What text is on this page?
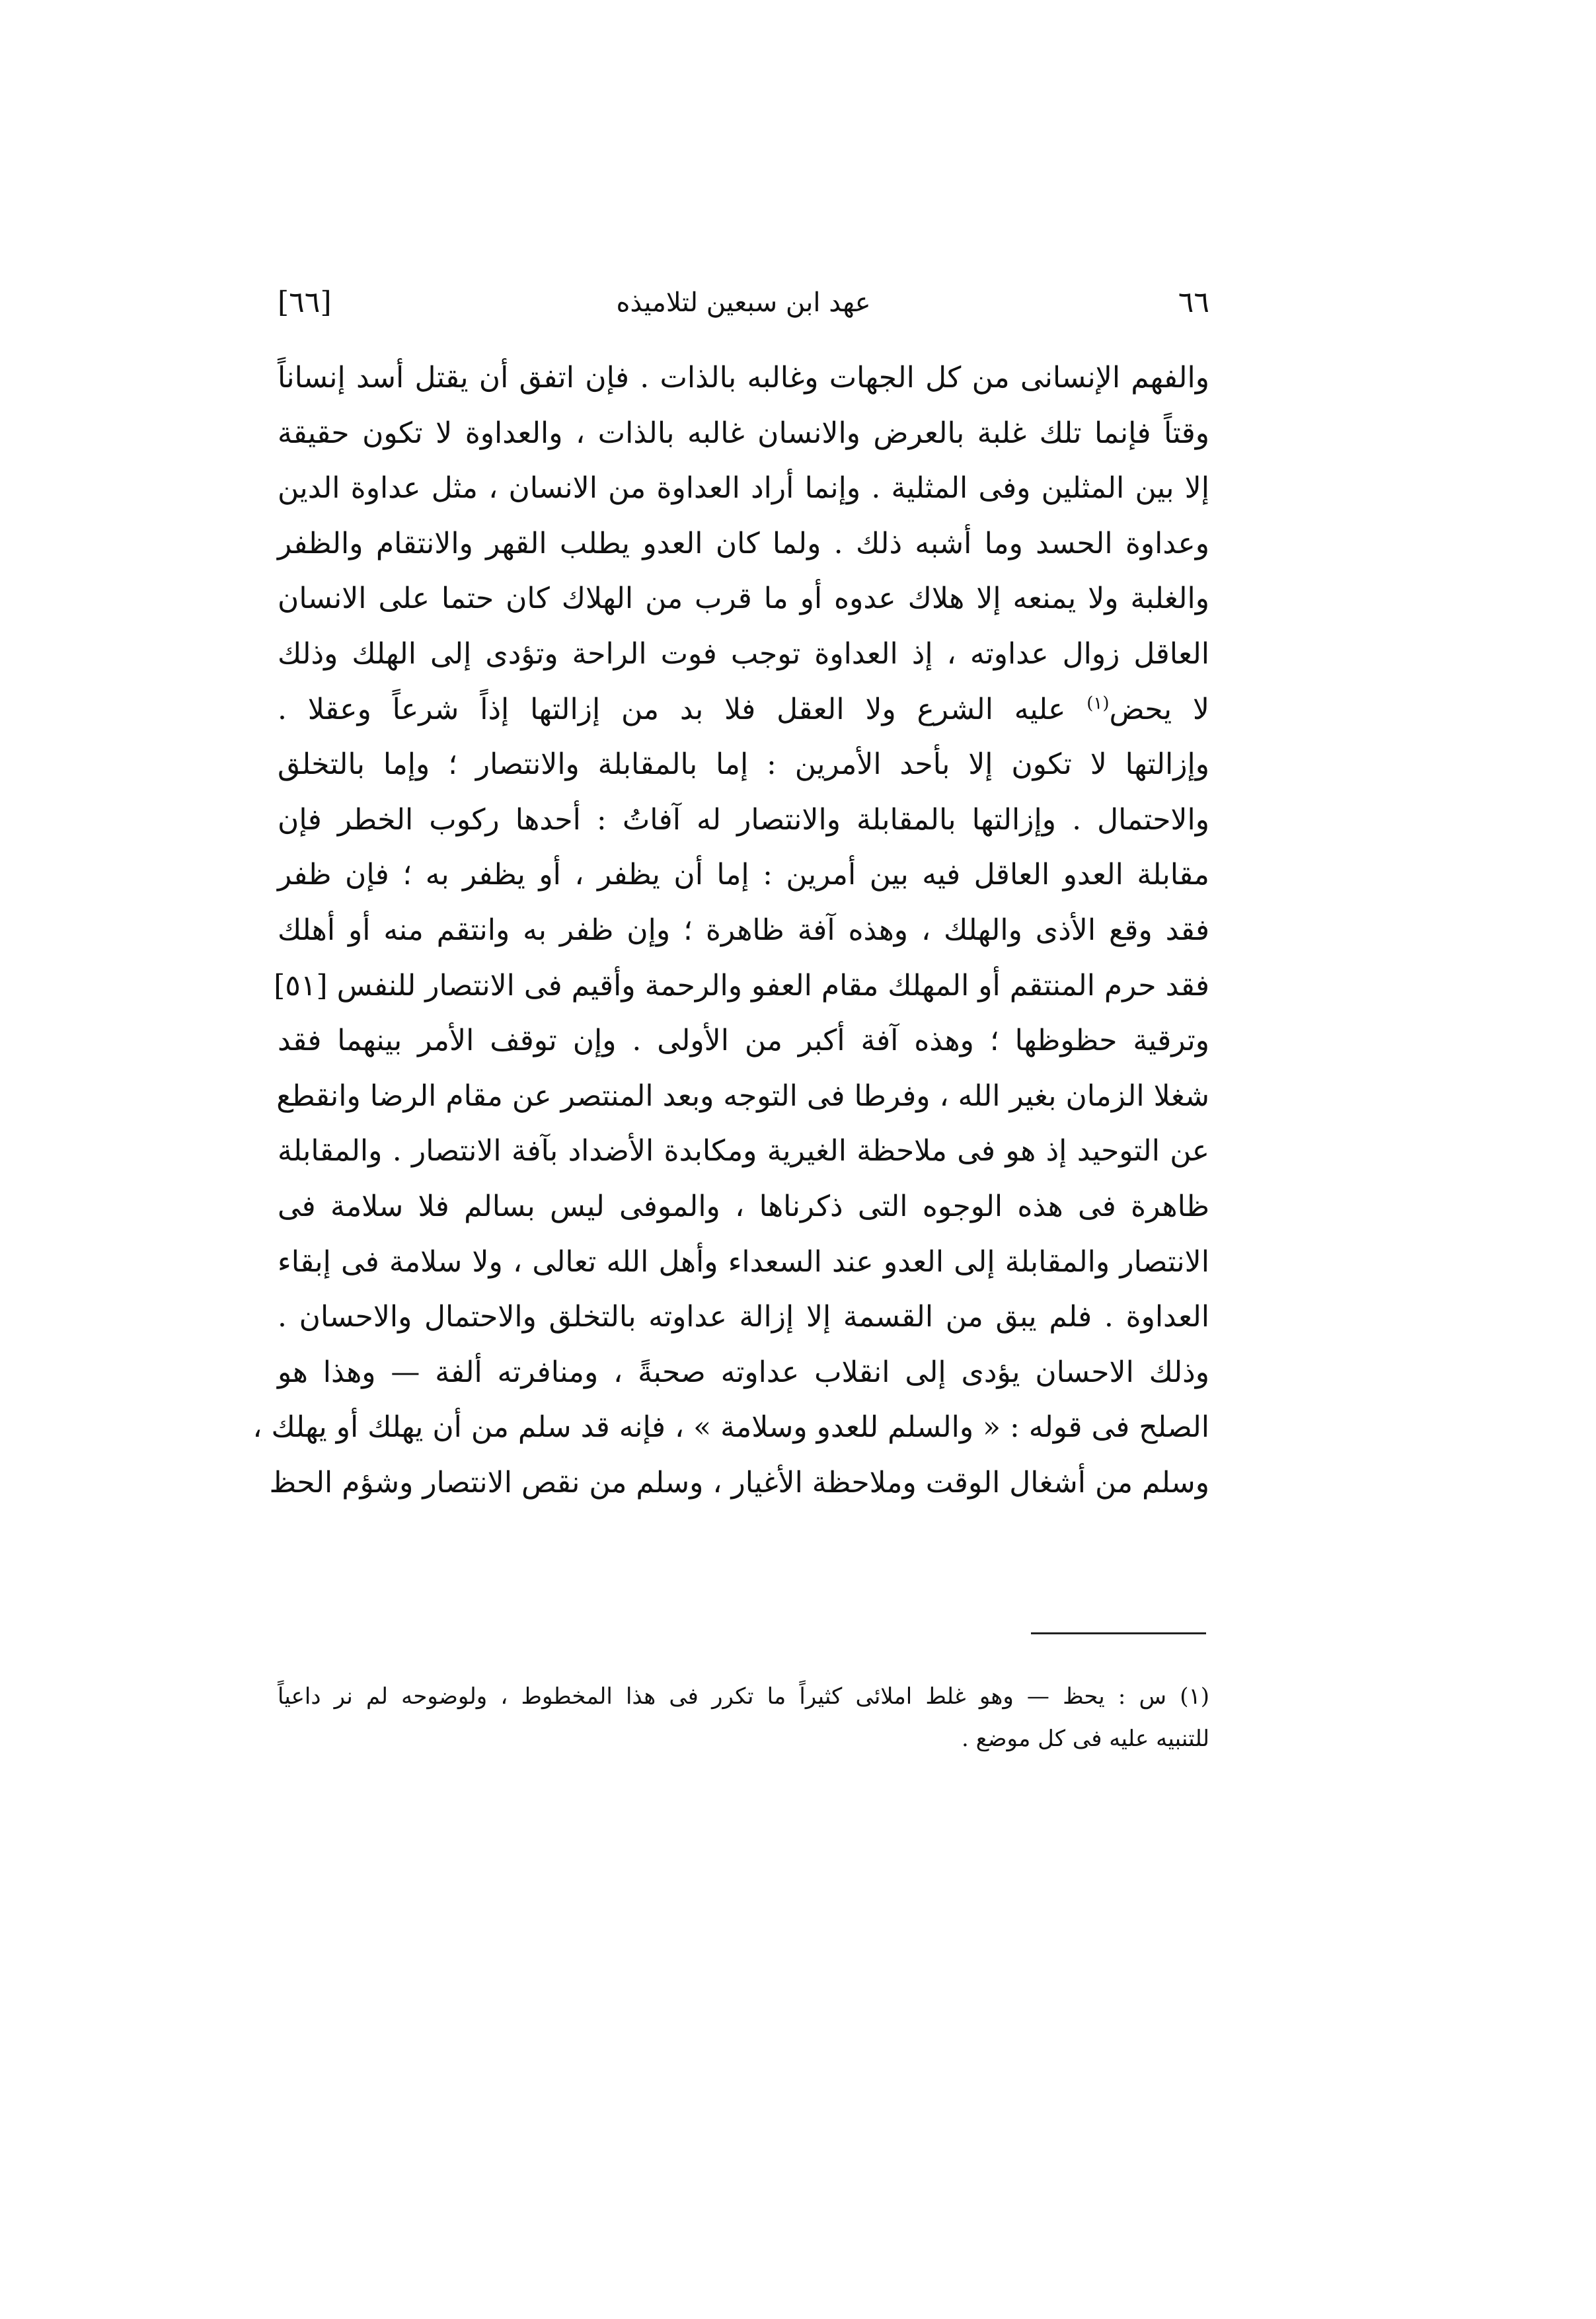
[٦٦]	عهد ابن سبعين لتلاميذه	٦٦
والفهم الإنسانى من كل الجهات وغالبه بالذات . فإن اتفق أن يقتل أسد إنساناً
وقتاً فإنما تلك غلبة بالعرض والانسان غالبه بالذات ، والعداوة لا تكون حقيقة
إلا بين المثلين وفى المثلية . وإنما أراد العداوة من الانسان ، مثل عداوة الدين
وعداوة الحسد وما أشبه ذلك . ولما كان العدو يطلب القهر والانتقام والظفر
والغلبة ولا يمنعه إلا هلاك عدوه أو ما قرب من الهلاك كان حتما على الانسان
العاقل زوال عداوته ، إذ العداوة توجب فوت الراحة وتؤدى إلى الهلك وذلك
لا يحض$^{(١)}$ عليه الشرع ولا العقل فلا بد من إزالتها إذاً شرعاً وعقلا .
وإزالتها لا تكون إلا بأحد الأمرين : إما بالمقابلة والانتصار ؛ وإما بالتخلق
والاحتمال . وإزالتها بالمقابلة والانتصار له آفاتُ : أحدها ركوب الخطر فإن
مقابلة العدو العاقل فيه بين أمرين : إما أن يظفر ، أو يظفر به ؛ فإن ظفر
فقد وقع الأذى والهلك ، وهذه آفة ظاهرة ؛ وإن ظفر به وانتقم منه أو أهلك
فقد حرم المنتقم أو المهلك مقام العفو والرحمة وأقيم فى الانتصار للنفس [٥١]
وترقية حظوظها ؛ وهذه آفة أكبر من الأولى . وإن توقف الأمر بينهما فقد
شغلا الزمان بغير الله ، وفرطا فى التوجه وبعد المنتصر عن مقام الرضا وانقطع
عن التوحيد إذ هو فى ملاحظة الغيرية ومكابدة الأضداد بآفة الانتصار . والمقابلة
ظاهرة فى هذه الوجوه التى ذكرناها ، والموفى ليس بسالم فلا سلامة فى
الانتصار والمقابلة إلى العدو عند السعداء وأهل الله تعالى ، ولا سلامة فى إبقاء
العداوة . فلم يبق من القسمة إلا إزالة عداوته بالتخلق والاحتمال والاحسان .
وذلك الاحسان يؤدى إلى انقلاب عداوته صحبةً ، ومنافرته ألفة — وهذا هو
الصلح فى قوله : « والسلم للعدو وسلامة » ، فإنه قد سلم من أن يهلك أو يهلك ،
وسلم من أشغال الوقت وملاحظة الأغيار ، وسلم من نقص الانتصار وشؤم الحظ
(١) س : يحظ — وهو غلط املائى كثيراً ما تكرر فى هذا المخطوط ، ولوضوحه لم نر داعياً
للتنبيه عليه فى كل موضع .
